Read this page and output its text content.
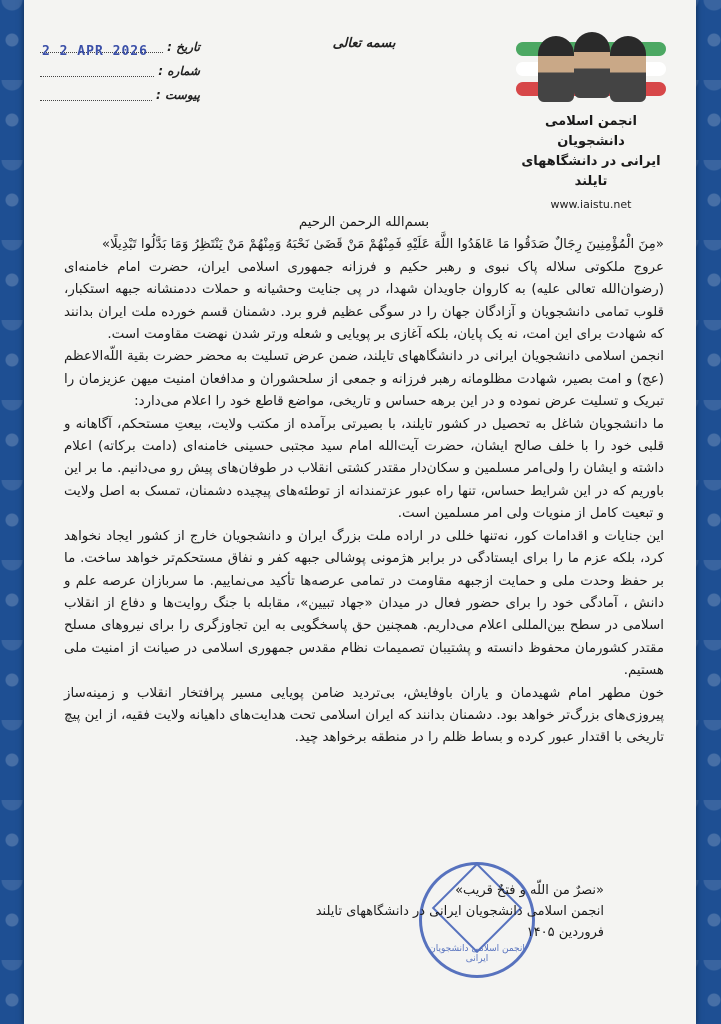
تاریخ :
شماره :
پیوست :
2 2 APR 2026
بسمه تعالی
انجمن اسلامی دانشجویان
ایرانی در دانشگاههای تایلند
www.iaistu.net

بسم‌الله الرحمن الرحیم

«مِنَ الْمُؤْمِنِينَ رِجَالٌ صَدَقُوا مَا عَاهَدُوا اللَّهَ عَلَيْهِ فَمِنْهُمْ مَنْ قَضَىٰ نَحْبَهُ وَمِنْهُمْ مَنْ يَنْتَظِرُ وَمَا بَدَّلُوا تَبْدِيلًا»

عروج ملکوتی سلاله پاک نبوی و رهبر حکیم و فرزانه جمهوری اسلامی ایران، حضرت امام خامنه‌ای (رضوان‌الله تعالی علیه) به کاروان جاویدان شهدا، در پی جنایت وحشیانه و حملات ددمنشانه جبهه استکبار، قلوب تمامی دانشجویان و آزادگان جهان را در سوگی عظیم فرو برد. دشمنان قسم خورده ملت ایران بدانند که شهادت برای این امت، نه یک پایان، بلکه آغازی بر پویایی و شعله ورتر شدن نهضت مقاومت است.

انجمن اسلامی دانشجویان ایرانی در دانشگاههای تایلند، ضمن عرض تسلیت به محضر حضرت بقیة اللّه‌الاعظم (عج) و امت بصیر، شهادت مظلومانه رهبر فرزانه و جمعی از سلحشوران و مدافعان امنیت میهن عزیزمان را تبریک و تسلیت عرض نموده و در این برهه حساس و تاریخی، مواضع قاطع خود را اعلام می‌دارد:

ما دانشجویان شاغل به تحصیل در کشور تایلند، با بصیرتی برآمده از مکتب ولایت، بیعتِ مستحکم، آگاهانه و قلبی خود را با خلف صالح ایشان، حضرت آیت‌الله امام سید مجتبی حسینی خامنه‌ای (دامت برکاته) اعلام داشته و ایشان را ولی‌امر مسلمین و سکان‌دار مقتدر کشتی انقلاب در طوفان‌های پیش رو می‌دانیم. ما بر این باوریم که در این شرایط حساس، تنها راه عبور عزتمندانه از توطئه‌های پیچیده دشمنان، تمسک به اصل ولایت و تبعیت کامل از منویات ولی امر مسلمین است.

این جنایات و اقدامات کور، نه‌تنها خللی در اراده ملت بزرگ ایران و دانشجویان خارج از کشور ایجاد نخواهد کرد، بلکه عزم ما را برای ایستادگی در برابر هژمونی پوشالی جبهه کفر و نفاق مستحکم‌تر خواهد ساخت. ما بر حفظ وحدت ملی و حمایت ازجبهه مقاومت در تمامی عرصه‌ها تأکید می‌نماییم. ما سربازان عرصه علم و دانش ، آمادگی خود را برای حضور فعال در میدان «جهاد تبیین»، مقابله با جنگ روایت‌ها و دفاع از انقلاب اسلامی در سطح بین‌المللی اعلام می‌داریم. همچنین حق پاسخگویی به این تجاوزگری را برای نیروهای مسلح مقتدر کشورمان محفوظ دانسته و پشتیبان تصمیمات نظام مقدس جمهوری اسلامی در صیانت از امنیت ملی هستیم.

خون مطهر امام شهیدمان و یاران باوفایش، بی‌تردید ضامن پویایی مسیر پرافتخار انقلاب و زمینه‌ساز پیروزی‌های بزرگ‌تر خواهد بود. دشمنان بدانند که ایران اسلامی تحت هدایت‌های داهیانه ولایت فقیه، از این پیچ تاریخی با اقتدار عبور کرده و بساط ظلم را در منطقه برخواهد چید.

انجمن اسلامی دانشجویان ایرانی
«نصرٌ من اللّه و فتحٌ قریب»
انجمن اسلامی دانشجویان ایرانی در دانشگاههای تایلند
فروردین ۱۴۰۵
